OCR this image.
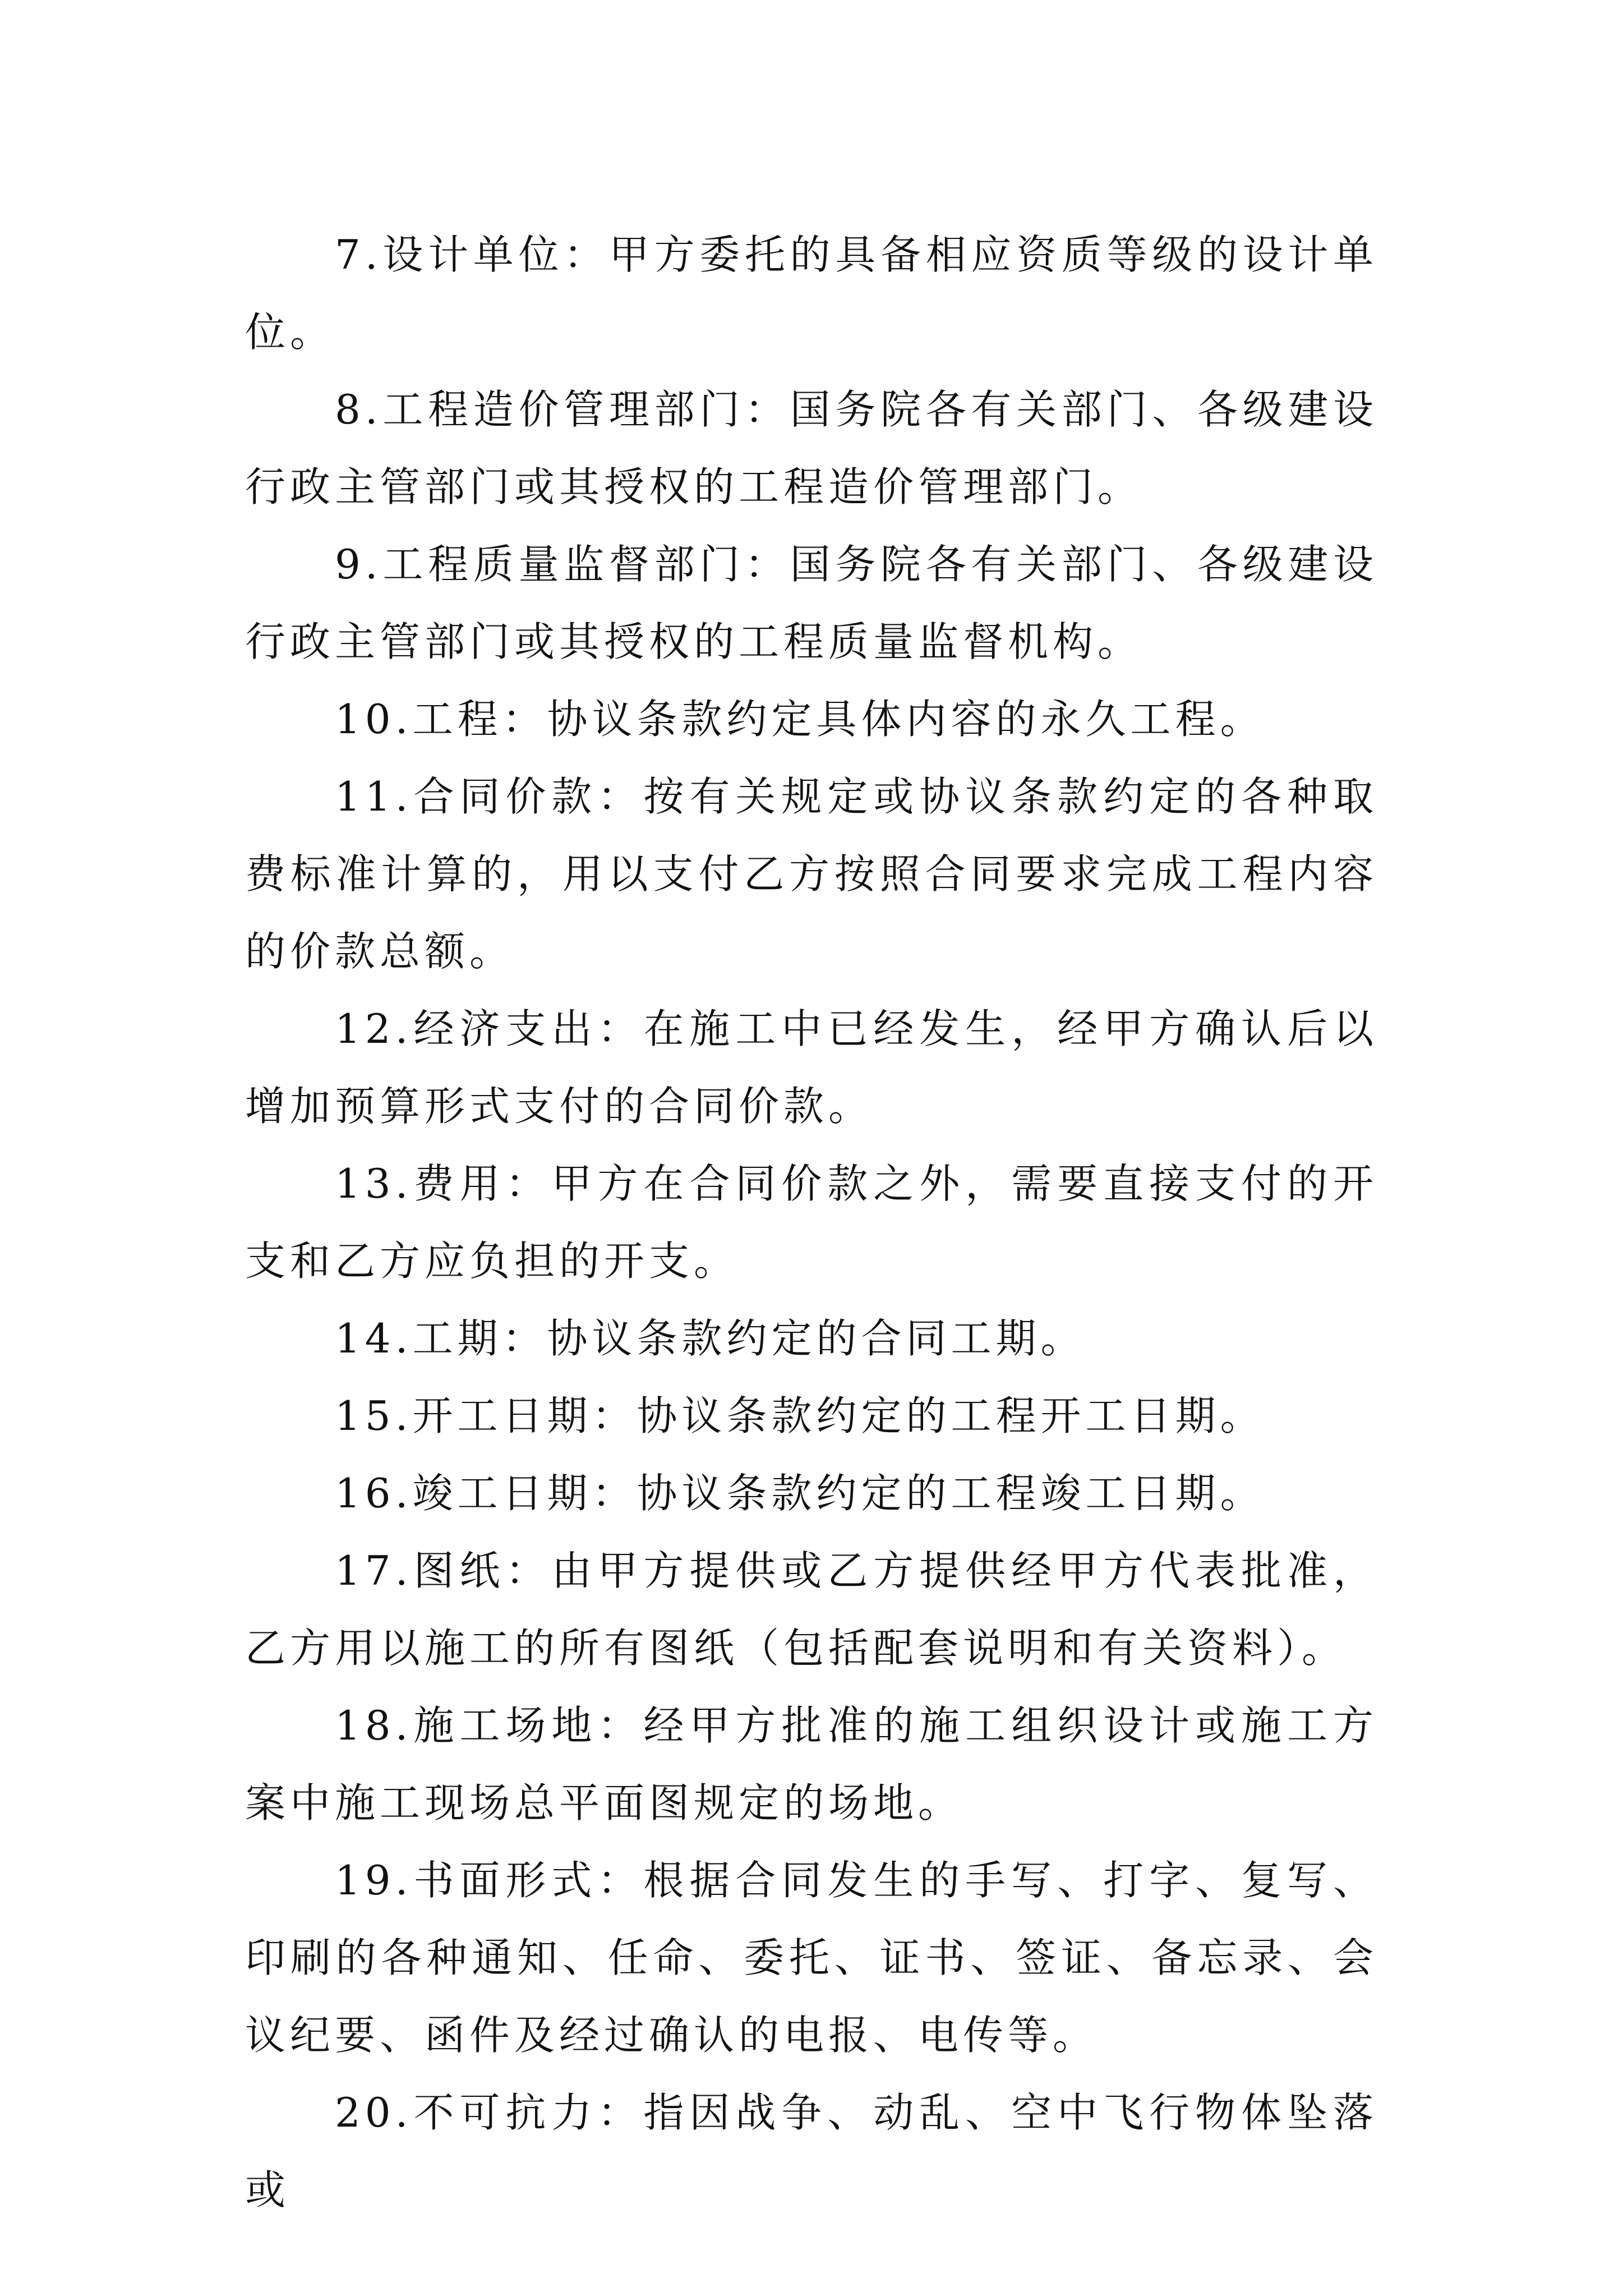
7.设计单位：甲方委托的具备相应资质等级的设计单位。

8.工程造价管理部门：国务院各有关部门、各级建设行政主管部门或其授权的工程造价管理部门。

9.工程质量监督部门：国务院各有关部门、各级建设行政主管部门或其授权的工程质量监督机构。

10.工程：协议条款约定具体内容的永久工程。

11.合同价款：按有关规定或协议条款约定的各种取费标准计算的，用以支付乙方按照合同要求完成工程内容的价款总额。

12.经济支出：在施工中已经发生，经甲方确认后以增加预算形式支付的合同价款。

13.费用：甲方在合同价款之外，需要直接支付的开支和乙方应负担的开支。

14.工期：协议条款约定的合同工期。

15.开工日期：协议条款约定的工程开工日期。

16.竣工日期：协议条款约定的工程竣工日期。

17.图纸：由甲方提供或乙方提供经甲方代表批准，乙方用以施工的所有图纸（包括配套说明和有关资料）。

18.施工场地：经甲方批准的施工组织设计或施工方案中施工现场总平面图规定的场地。

19.书面形式：根据合同发生的手写、打字、复写、印刷的各种通知、任命、委托、证书、签证、备忘录、会议纪要、函件及经过确认的电报、电传等。

20.不可抗力：指因战争、动乱、空中飞行物体坠落或
